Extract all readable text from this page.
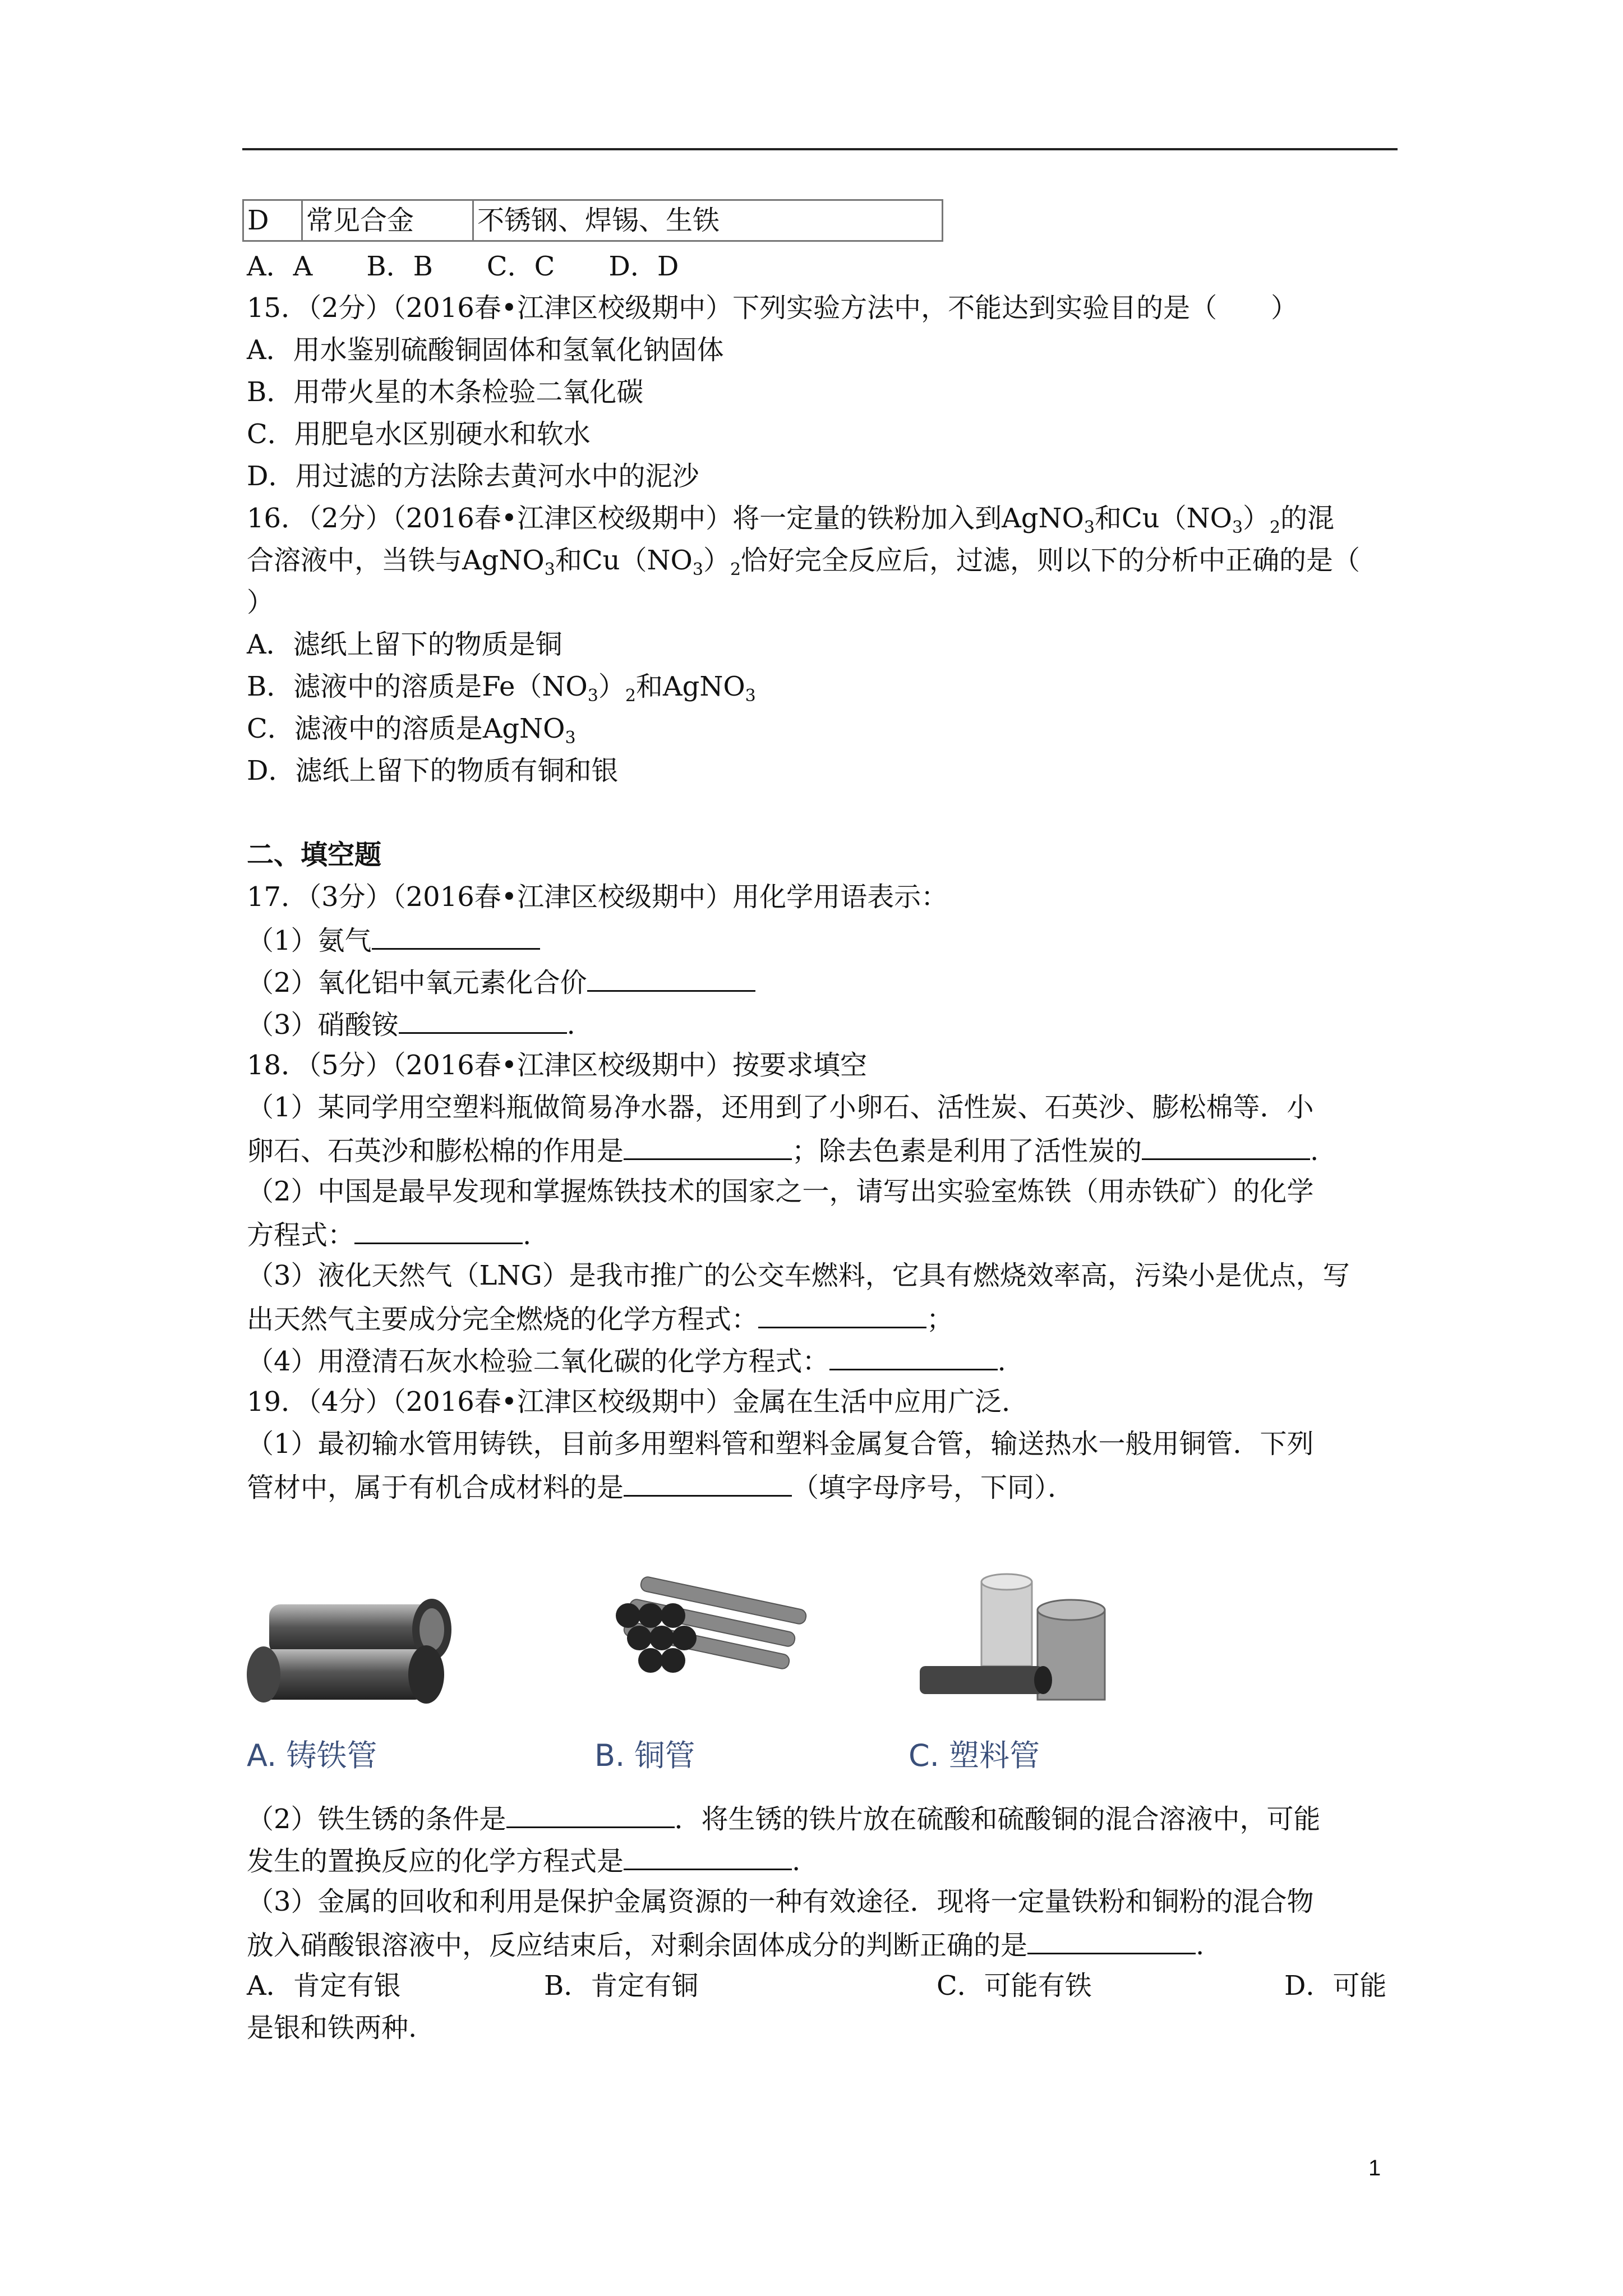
D	常见合金	不锈钢、焊锡、生铁
A．A　　B．B　　C．C　　D．D
15．（2分）（2016春•江津区校级期中）下列实验方法中，不能达到实验目的是（　　）
A．用水鉴别硫酸铜固体和氢氧化钠固体
B．用带火星的木条检验二氧化碳
C．用肥皂水区别硬水和软水
D．用过滤的方法除去黄河水中的泥沙
16．（2分）（2016春•江津区校级期中）将一定量的铁粉加入到AgNO$_3$和$Cu(NO_3)_2$的混
合溶液中，当铁与AgNO$_3$和$Cu(NO_3)_2$恰好完全反应后，过滤，则以下的分析中正确的是（
）
A．滤纸上留下的物质是铜
B．滤液中的溶质是$Fe(NO_3)_2$和AgNO$_3$
C．滤液中的溶质是AgNO$_3$
D．滤纸上留下的物质有铜和银
二、填空题
17．（3分）（2016春•江津区校级期中）用化学用语表示：
（1）氨气
（2）氧化铝中氧元素化合价
（3）硝酸铵	.
18．（5分）（2016春•江津区校级期中）按要求填空
（1）某同学用空塑料瓶做简易净水器，还用到了小卵石、活性炭、石英沙、膨松棉等．小
卵石、石英沙和膨松棉的作用是	；除去色素是利用了活性炭的	.
（2）中国是最早发现和掌握炼铁技术的国家之一，请写出实验室炼铁（用赤铁矿）的化学
方程式：	.
（3）液化天然气（LNG）是我市推广的公交车燃料，它具有燃烧效率高，污染小是优点，写
出天然气主要成分完全燃烧的化学方程式：	；
（4）用澄清石灰水检验二氧化碳的化学方程式：	.
19．（4分）（2016春•江津区校级期中）金属在生活中应用广泛．
（1）最初输水管用铸铁，目前多用塑料管和塑料金属复合管，输送热水一般用铜管．下列
管材中，属于有机合成材料的是	（填字母序号，下同）．
A. 铸铁管	B. 铜管	C. 塑料管
（2）铁生锈的条件是	．将生锈的铁片放在硫酸和硫酸铜的混合溶液中，可能
发生的置换反应的化学方程式是	.
（3）金属的回收和利用是保护金属资源的一种有效途径．现将一定量铁粉和铜粉的混合物
放入硝酸银溶液中，反应结束后，对剩余固体成分的判断正确的是	.
A．肯定有银	B．肯定有铜	C．可能有铁	D．可能
是银和铁两种.
1
